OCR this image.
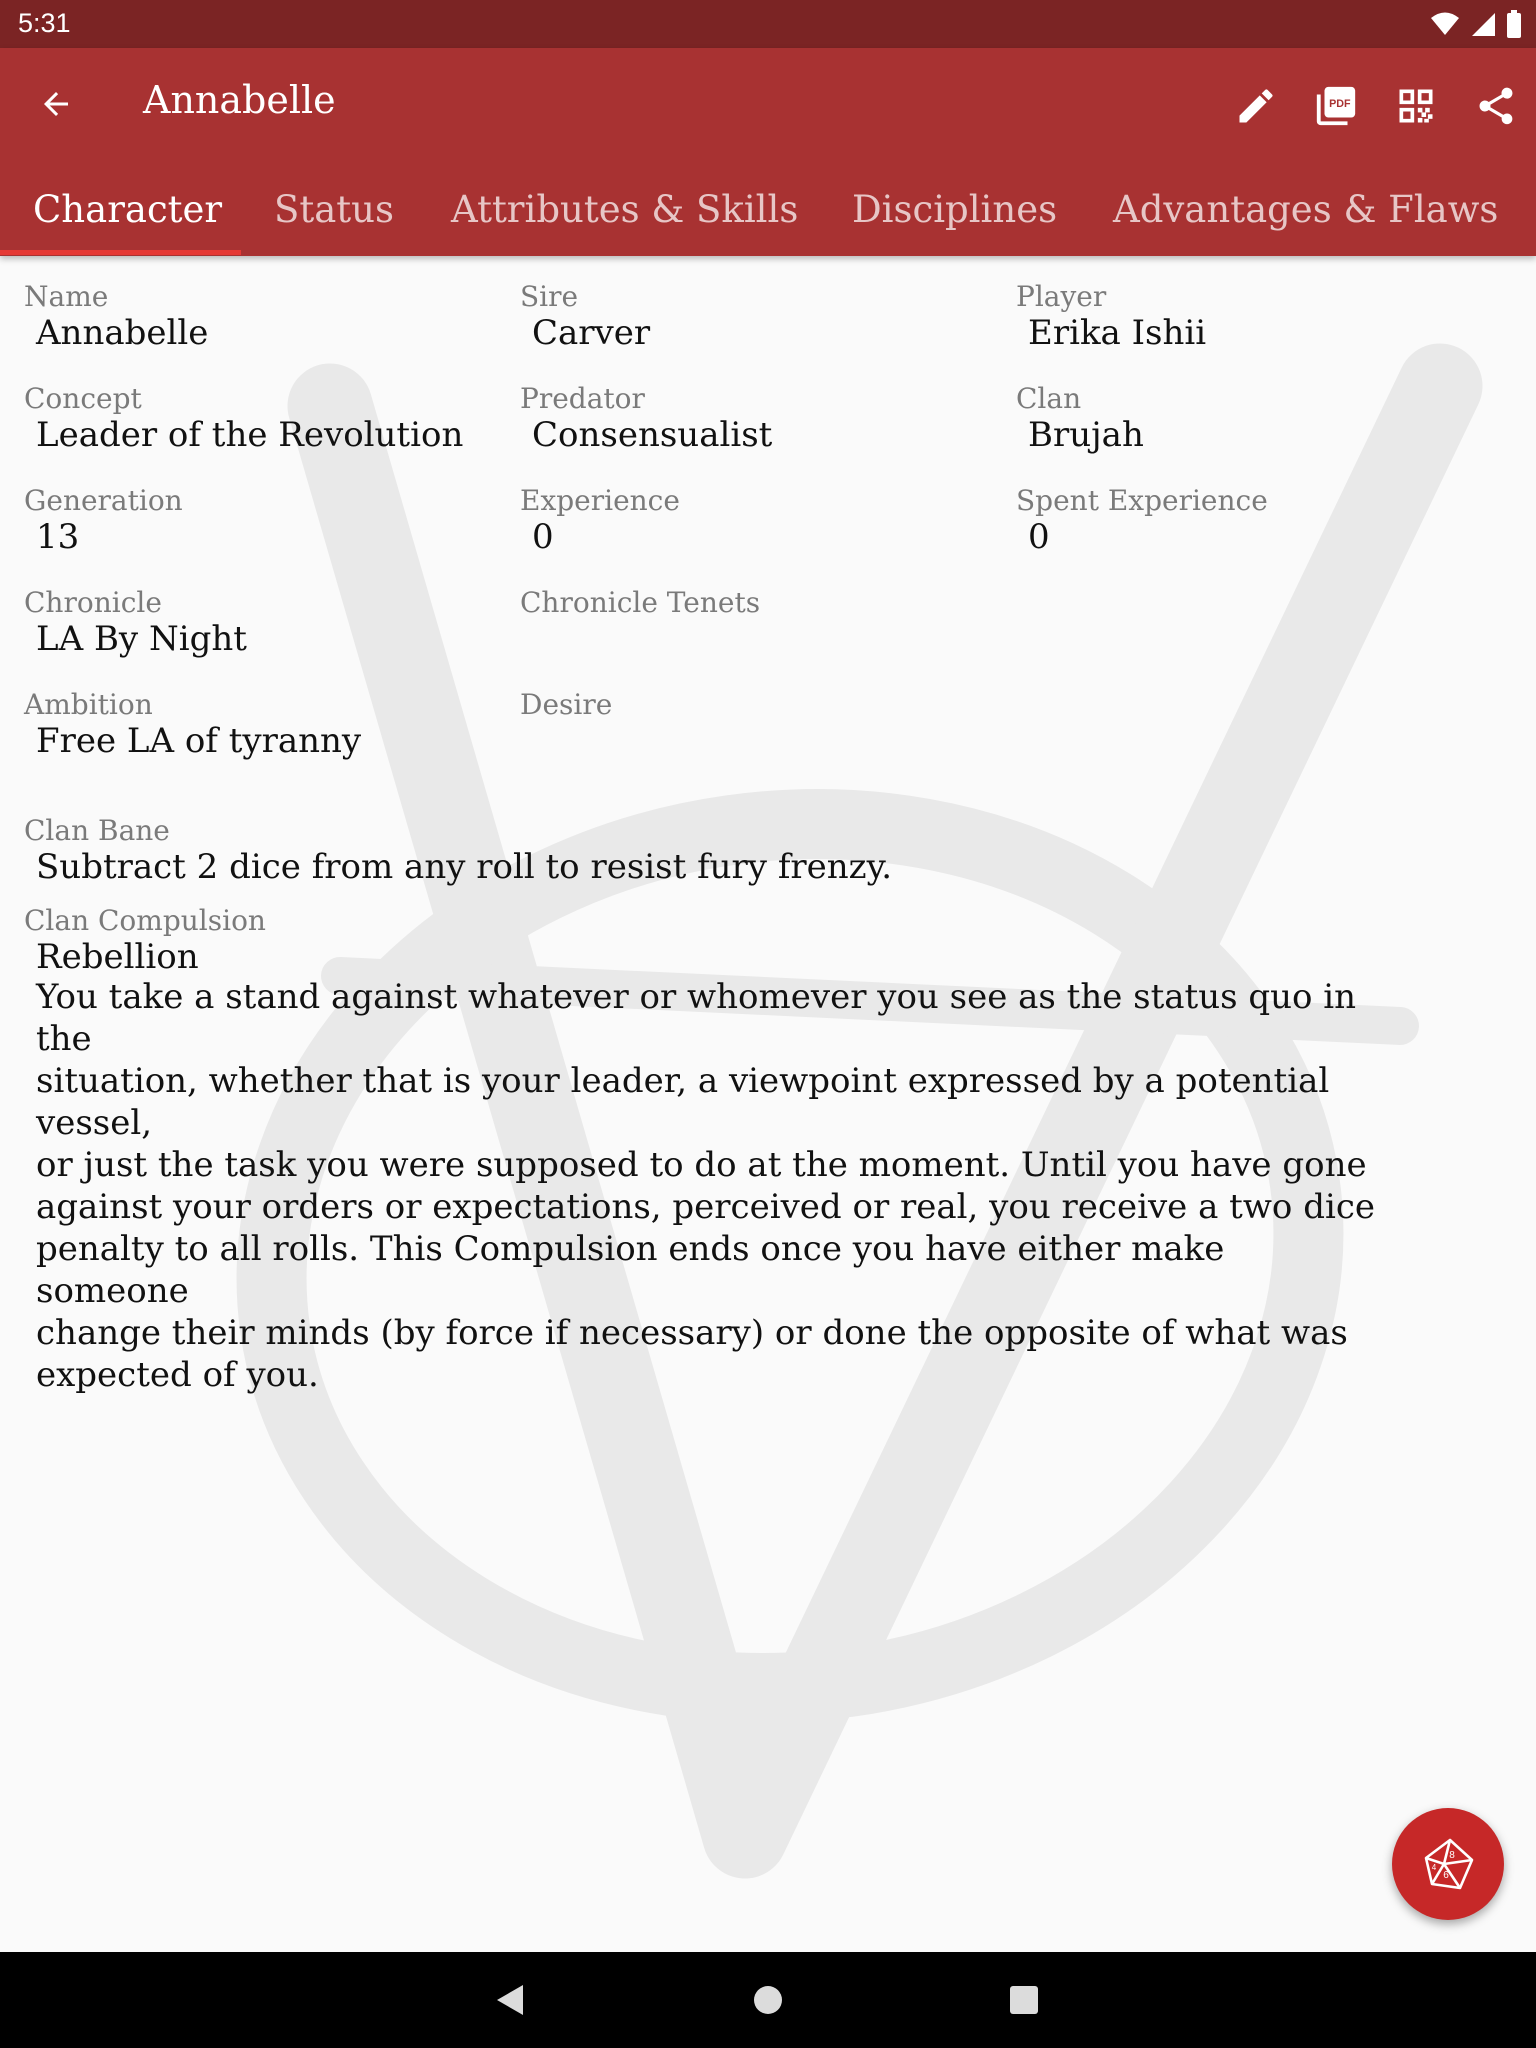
5:31
Annabelle	PDF
Character Status Attributes & Skills Disciplines Advantages & Flaws
Name
Annabelle
Sire
Carver
Player
Erika Ishii
Concept
Leader of the Revolution
Predator
Consensualist
Clan
Brujah
Generation
13
Experience
0
Spent Experience
0
Chronicle
LA By Night
Chronicle Tenets
Ambition
Free LA of tyranny
Desire
Clan Bane
Subtract 2 dice from any roll to resist fury frenzy.
Clan Compulsion
Rebellion
You take a stand against whatever or whomever you see as the status quo in the
situation, whether that is your leader, a viewpoint expressed by a potential vessel,
or just the task you were supposed to do at the moment. Until you have gone
against your orders or expectations, perceived or real, you receive a two dice
penalty to all rolls. This Compulsion ends once you have either make someone
change their minds (by force if necessary) or done the opposite of what was
expected of you.
8
6
4
